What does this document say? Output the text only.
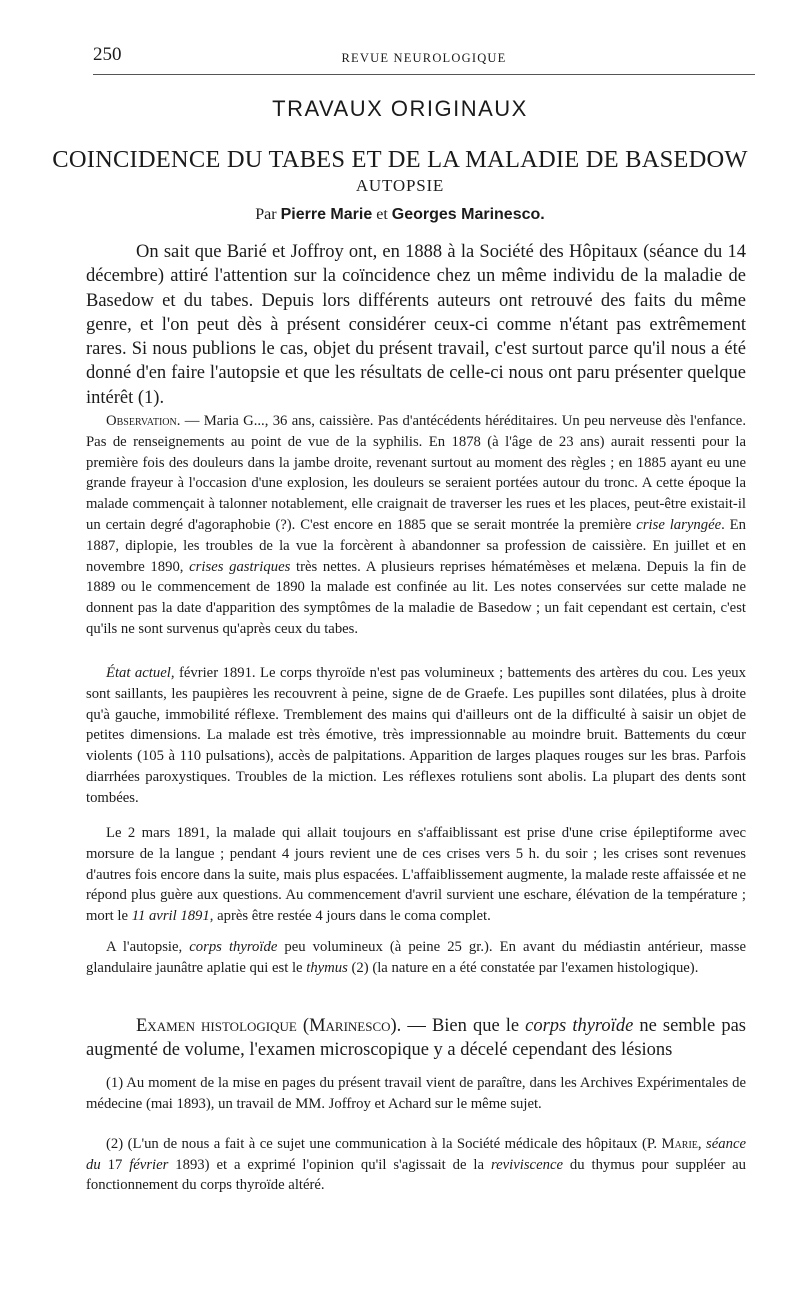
250	REVUE NEUROLOGIQUE
TRAVAUX ORIGINAUX
COINCIDENCE DU TABES ET DE LA MALADIE DE BASEDOW
AUTOPSIE
Par Pierre Marie et Georges Marinesco.

On sait que Barié et Joffroy ont, en 1888 à la Société des Hôpitaux (séance du 14 décembre) attiré l'attention sur la coïncidence chez un même individu de la maladie de Basedow et du tabes. Depuis lors différents auteurs ont retrouvé des faits du même genre, et l'on peut dès à présent considérer ceux-ci comme n'étant pas extrêmement rares. Si nous publions le cas, objet du présent travail, c'est surtout parce qu'il nous a été donné d'en faire l'autopsie et que les résultats de celle-ci nous ont paru présenter quelque intérêt (1).

Observation. — Maria G..., 36 ans, caissière. Pas d'antécédents héréditaires. Un peu nerveuse dès l'enfance. Pas de renseignements au point de vue de la syphilis. En 1878 (à l'âge de 23 ans) aurait ressenti pour la première fois des douleurs dans la jambe droite, revenant surtout au moment des règles ; en 1885 ayant eu une grande frayeur à l'occasion d'une explosion, les douleurs se seraient portées autour du tronc. A cette époque la malade commençait à talonner notablement, elle craignait de traverser les rues et les places, peut-être existait-il un certain degré d'agoraphobie (?). C'est encore en 1885 que se serait montrée la première crise laryngée. En 1887, diplopie, les troubles de la vue la forcèrent à abandonner sa profession de caissière. En juillet et en novembre 1890, crises gastriques très nettes. A plusieurs reprises hématémèses et melæna. Depuis la fin de 1889 ou le commencement de 1890 la malade est confinée au lit. Les notes conservées sur cette malade ne donnent pas la date d'apparition des symptômes de la maladie de Basedow ; un fait cependant est certain, c'est qu'ils ne sont survenus qu'après ceux du tabes.

État actuel, février 1891. Le corps thyroïde n'est pas volumineux ; battements des artères du cou. Les yeux sont saillants, les paupières les recouvrent à peine, signe de de Graefe. Les pupilles sont dilatées, plus à droite qu'à gauche, immobilité réflexe. Tremblement des mains qui d'ailleurs ont de la difficulté à saisir un objet de petites dimensions. La malade est très émotive, très impressionnable au moindre bruit. Battements du cœur violents (105 à 110 pulsations), accès de palpitations. Apparition de larges plaques rouges sur les bras. Parfois diarrhées paroxystiques. Troubles de la miction. Les réflexes rotuliens sont abolis. La plupart des dents sont tombées.

Le 2 mars 1891, la malade qui allait toujours en s'affaiblissant est prise d'une crise épileptiforme avec morsure de la langue ; pendant 4 jours revient une de ces crises vers 5 h. du soir ; les crises sont revenues d'autres fois encore dans la suite, mais plus espacées. L'affaiblissement augmente, la malade reste affaissée et ne répond plus guère aux questions. Au commencement d'avril survient une eschare, élévation de la température ; mort le 11 avril 1891, après être restée 4 jours dans le coma complet.

A l'autopsie, corps thyroïde peu volumineux (à peine 25 gr.). En avant du médiastin antérieur, masse glandulaire jaunâtre aplatie qui est le thymus (2) (la nature en a été constatée par l'examen histologique).

Examen histologique (Marinesco). — Bien que le corps thyroïde ne semble pas augmenté de volume, l'examen microscopique y a décelé cependant des lésions

(1) Au moment de la mise en pages du présent travail vient de paraître, dans les Archives Expérimentales de médecine (mai 1893), un travail de MM. Joffroy et Achard sur le même sujet.

(2) (L'un de nous a fait à ce sujet une communication à la Société médicale des hôpitaux (P. Marie, séance du 17 février 1893) et a exprimé l'opinion qu'il s'agissait de la reviviscence du thymus pour suppléer au fonctionnement du corps thyroïde altéré.
